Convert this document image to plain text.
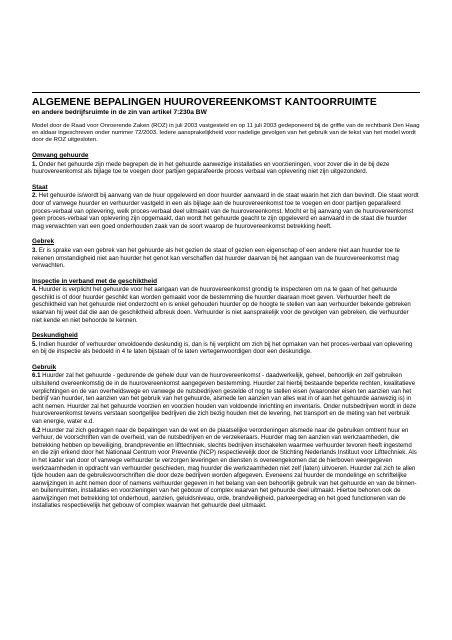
ALGEMENE BEPALINGEN HUUROVEREENKOMST KANTOORRUIMTE
en andere bedrijfsruimte in de zin van artikel 7:230a BW
Model door de Raad voor Onroerende Zaken (ROZ) in juli 2003 vastgesteld en op 11 juli 2003 gedeponeerd bij de griffie van de rechtbank Den Haag en aldaar ingeschreven onder nummer 72/2003. Iedere aansprakelijkheid voor nadelige gevolgen van het gebruik van de tekst van het model wordt door de ROZ uitgesloten.
Omvang gehuurde
1. Onder het gehuurde zijn mede begrepen de in het gehuurde aanwezige installaties en voorzieningen, voor zover die in de bij deze huurovereenkomst als bijlage toe te voegen door partijen geparafeerde proces verbaal van oplevering niet zijn uitgezonderd.
Staat
2. Het gehuurde is/wordt bij aanvang van de huur opgeleverd en door huurder aanvaard in de staat waarin het zich dan bevindt. Die staat wordt door of vanwege huurder en verhuurder vastgeld in een als bijlage aan de huurovereenkomst toe te voegen en door partijen geparafeerd proces-verbaal van oplevering, welk proces-verbaal deel uitmaakt van de huurovereenkomst. Mocht er bij aanvang van de huurovereenkomst geen proces-verbaal van oplevering zijn opgemaakt, dan wordt het gehuurde geacht te zijn opgeleverd en aanvaard in de staat die huurder mag verwachten van een goed onderhouden zaak van de soort waarop de huurovereenkomst betrekking heeft.
Gebrek
3. Er is sprake van een gebrek van het gehuurde als het gezien de staat of gezien een eigenschap of een andere niet aan huurder toe te rekenen omstandigheid niet aan huurder het genot kan verschaffen dat huurder daarvan bij het aangaan van de huurovereenkomst mag verwachten.
Inspectie in verband met de geschiktheid
4. Huurder is verplicht het gehuurde voor het aangaan van de huurovereenkomst grondig te inspecteren om na te gaan of het gehuurde geschikt is of door huurder geschikt kan worden gemaakt voor de bestemming die huurder daaraan moet geven. Verhuurder heeft de geschiktheid van het gehuurde niet onderzocht en is enkel gehouden huurder op de hoogte te stellen van aan verhuurder bekende gebreken waarvan hij weet dat die aan de geschiktheid afbreuk doen. Verhuurder is niet aansprakelijk voor de gevolgen van gebreken, die verhuurder niet kende en niet behoorde te kennen.
Deskundigheid
5. Indien huurder of verhuurder onvoldoende deskundig is, dan is hij verplicht om zich bij het opmaken van het proces-verbaal van oplevering en bij de inspectie als bedoeld in 4 te laten bijstaan of te laten vertegenwoordigen door een deskundige.
Gebruik
6.1 Huurder zal het gehuurde - gedurende de gehele duur van de huurovereenkomst - daadwerkelijk, geheel, behoorlijk en zelf gebruiken uitsluitend overeenkomstig de in de huurovereenkomst aangegeven bestemming. Huurder zal hierbij bestaande beperkte rechten, kwalitatieve verplichtingen en de van overheidswege en vanwege de nutsbedrijven gestelde of nog te stellen eisen (waaronder eisen ten aanzien van het bedrijf van huurder, ten aanzien van het gebruik van het gehuurde, alsmede ten aanzien van alles wat in of aan het gehuurde aanwezig is) in acht nemen. Huurder zal het gehuurde voorzien en voorzien houden van voldoende inrichting en inventaris. Onder nutsbedrijven wordt in deze huurovereenkomst tevens verstaan soortgelijke bedrijven die zich bezig houden met de levering, het transport en de meting van het verbruik van energie, water e.d.
6.2 Huurder zal zich gedragen naar de bepalingen van de wet en de plaatselijke verordeningen alsmede naar de gebruiken omtrent huur en verhuur, de voorschriften van de overheid, van de nutsbedrijven en de verzekeraars. Huurder mag ten aanzien van werkzaamheden, die betrekking hebben op beveiliging, brandpreventie en lifttechniek, slechts bedrijven inschakelen waarmee verhuurder tevoren heeft ingestemd en die zijn erkend door het Nationaal Centrum voor Preventie (NCP) respectievelijk door de Stichting Nederlands Instituut voor Lifttechniek. Als in het kader van door of vanwege verhuurder te verzorgen leveringen en diensten is overeengekomen dat de hierboven weergegeven werkzaamheden in opdracht van verhuurder geschieden, mag huurder die werkzaamheden niet zelf (laten) uitvoeren. Huurder zal zich te allen tijde houden aan de gebruiksvoorschriften die door deze bedrijven worden afgegeven. Eveneens zal huurder de mondelinge en schriftelijke aanwijzingen in acht nemen door of namens verhuurder gegeven in het belang van een behoorlijk gebruik van het gehuurde en van de binnen- en buitenruimten, installaties en voorzieningen van het gebouw of complex waarvan het gehuurde deel uitmaakt. Hiertoe behoren ook de aanwijzingen met betrekking tot onderhoud, aanzien, geluidsniveau, orde, brandveiligheid, parkeergedrag en het goed functioneren van de installaties respectievelijk het gebouw of complex waarvan het gehuurde deel uitmaakt.
